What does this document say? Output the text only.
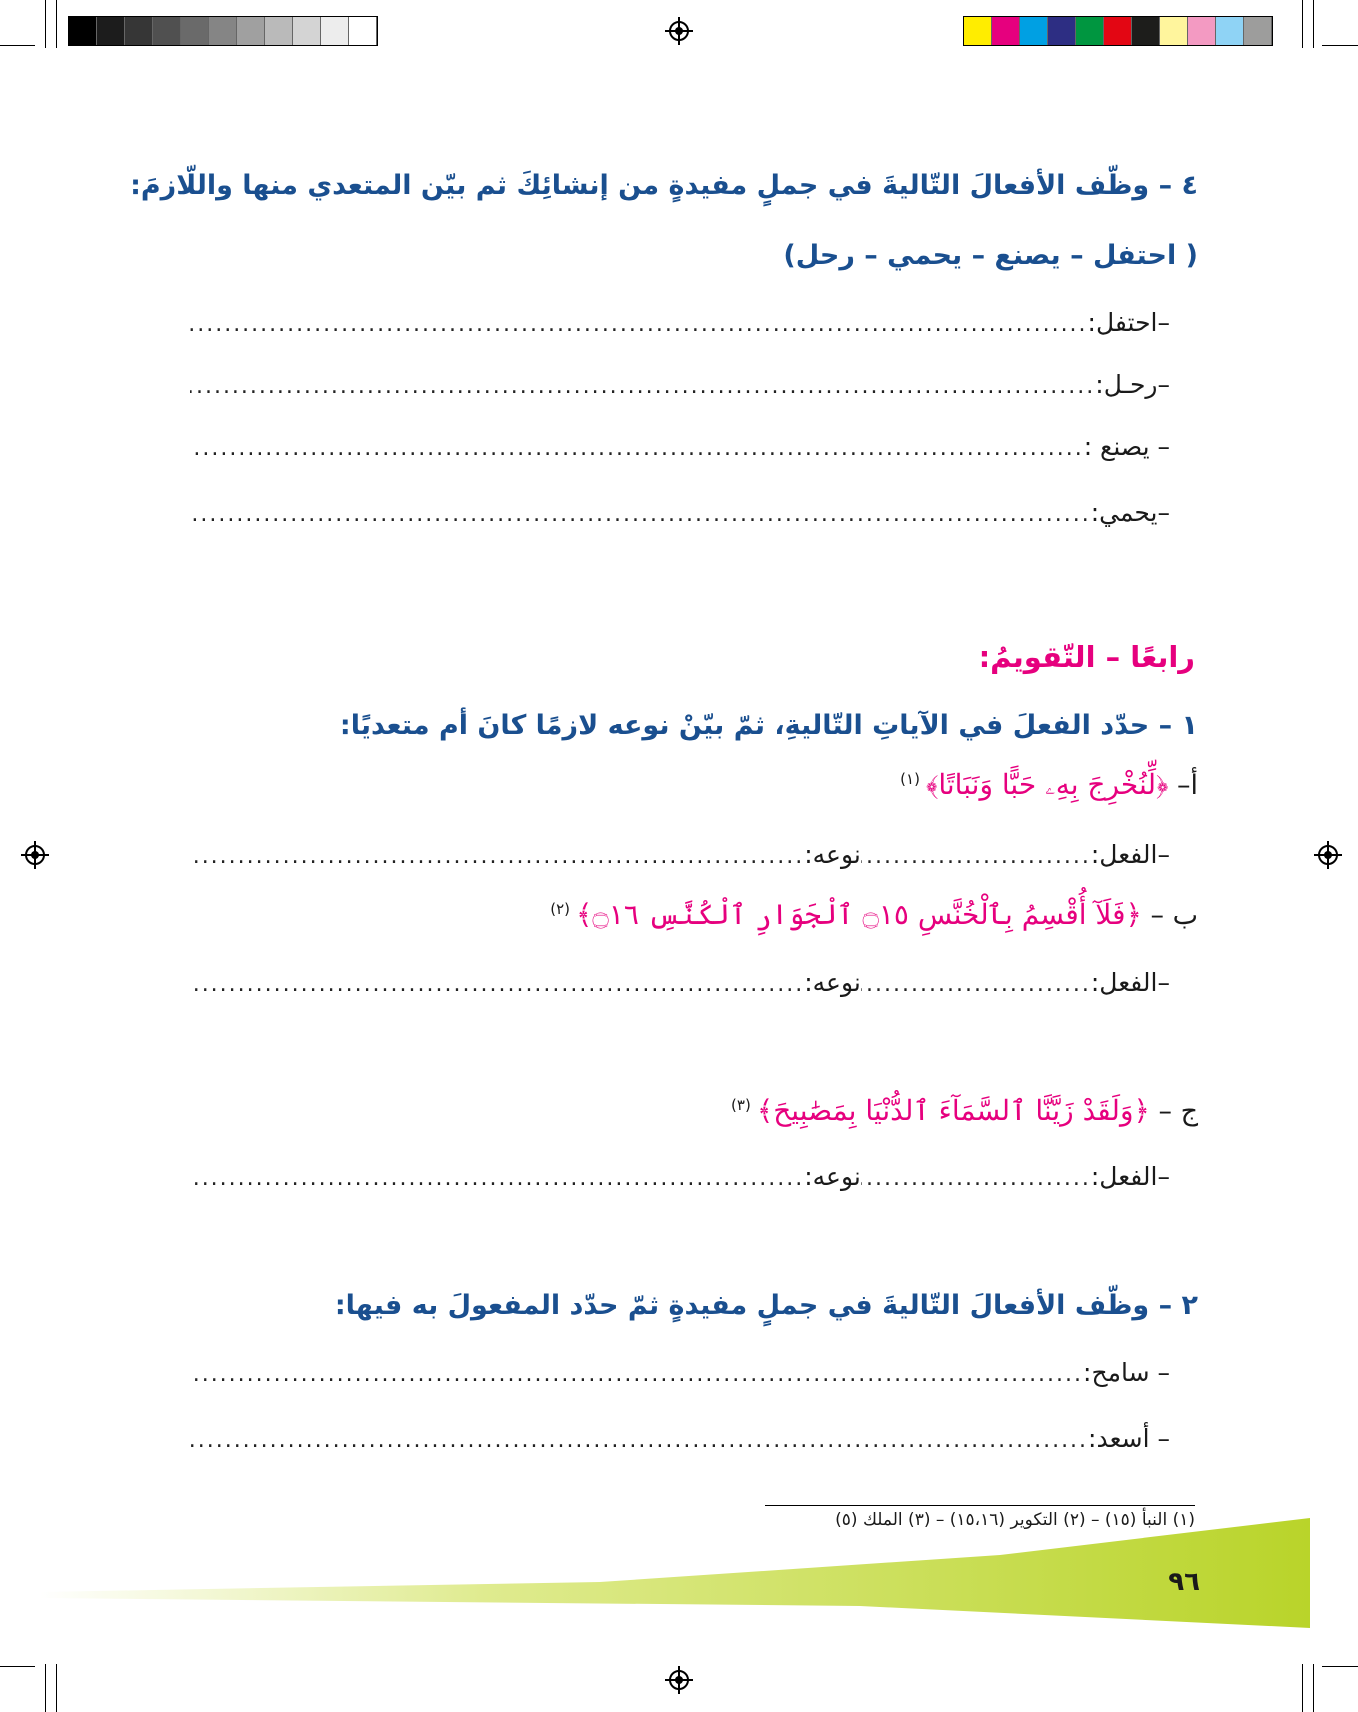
٤ – وظّف الأفعالَ التّاليةَ في جملٍ مفيدةٍ من إنشائِكَ ثم بيّن المتعدي منها واللّازمَ:
( احتفل – يصنع – يحمي – رحل)
–احتفل:
.....
–رحـل:
.....
– يصنع :
.....
–يحمي:
.....
رابعًا – التّقويمُ:
١ – حدّد الفعلَ في الآياتِ التّاليةِ، ثمّ بيّنْ نوعه لازمًا كانَ أم متعديًا:
أ– ﴿لِّنُخْرِجَ بِهِۦ حَبًّا وَنَبَاتًا﴾$^{(١)}$
–الفعل:
.....
نوعه:
.....
ب – ﴿فَلَآ أُقْسِمُ بِٱلْخُنَّسِ ۝١٥ ٱلْجَوَارِ ٱلْكُنَّسِ ۝١٦﴾$^{(٢)}$
–الفعل:
.....
نوعه:
.....
ج – ﴿وَلَقَدْ زَيَّنَّا ٱلسَّمَآءَ ٱلدُّنْيَا بِمَصَٰبِيحَ﴾$^{(٣)}$
–الفعل:
.....
نوعه:
.....
٢ – وظّف الأفعالَ التّاليةَ في جملٍ مفيدةٍ ثمّ حدّد المفعولَ به فيها:
– سامح:
.....
– أسعد:
.....
(١) النبأ (١٥) – (٢) التكوير (١٥،١٦) – (٣) الملك (٥)
٩٦
